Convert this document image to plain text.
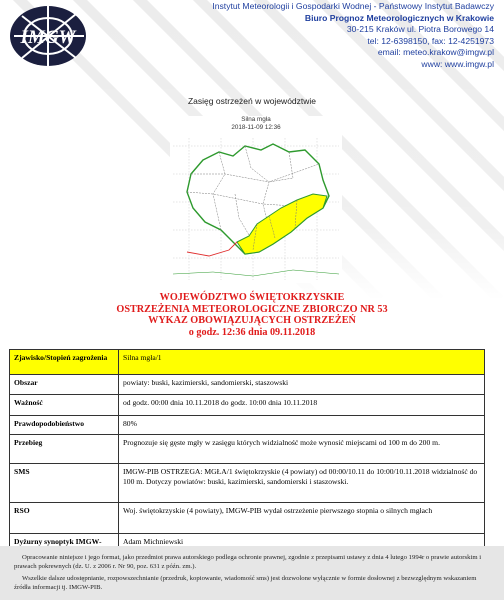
IMGW
Instytut Meteorologii i Gospodarki Wodnej - Państwowy Instytut Badawczy
Biuro Prognoz Meteorologicznych w Krakowie
30-215 Kraków ul. Piotra Borowego 14
tel: 12-6398150, fax: 12-4251973
email: meteo.krakow@imgw.pl
www: www.imgw.pl
Zasięg ostrzeżeń w województwie
Silna mgła
2018-11-09 12:36
WOJEWÓDZTWO ŚWIĘTOKRZYSKIE
OSTRZEŻENIA METEOROLOGICZNE ZBIORCZO NR 53
WYKAZ OBOWIĄZUJĄCYCH OSTRZEŻEŃ
o godz. 12:36 dnia 09.11.2018
Zjawisko/Stopień zagrożenia	Silna mgła/1
Obszar	powiaty: buski, kazimierski, sandomierski, staszowski
Ważność	od godz. 00:00 dnia 10.11.2018 do godz. 10:00 dnia 10.11.2018
Prawdopodobieństwo	80%
Przebieg	Prognozuje się gęste mgły w zasięgu których widzialność może wynosić miejscami od 100 m do 200 m.
SMS	IMGW-PIB OSTRZEGA: MGŁA/1 świętokrzyskie (4 powiaty) od 00:00/10.11 do 10:00/10.11.2018 widzialność do 100 m. Dotyczy powiatów: buski, kazimierski, sandomierski i staszowski.
RSO	Woj. świętokrzyskie (4 powiaty), IMGW-PIB wydał ostrzeżenie pierwszego stopnia o silnych mgłach
Dyżurny synoptyk IMGW-	Adam Michniewski
Opracowanie niniejsze i jego format, jako przedmiot prawa autorskiego podlega ochronie prawnej, zgodnie z przepisami ustawy z dnia 4 lutego 1994r o prawie autorskim i prawach pokrewnych (dz. U. z 2006 r. Nr 90, poz. 631 z późn. zm.).
Wszelkie dalsze udostępnianie, rozpowszechnianie (przedruk, kopiowanie, wiadomość sms) jest dozwolone wyłącznie w formie dosłownej z bezwzględnym wskazaniem źródła informacji tj. IMGW-PIB.
